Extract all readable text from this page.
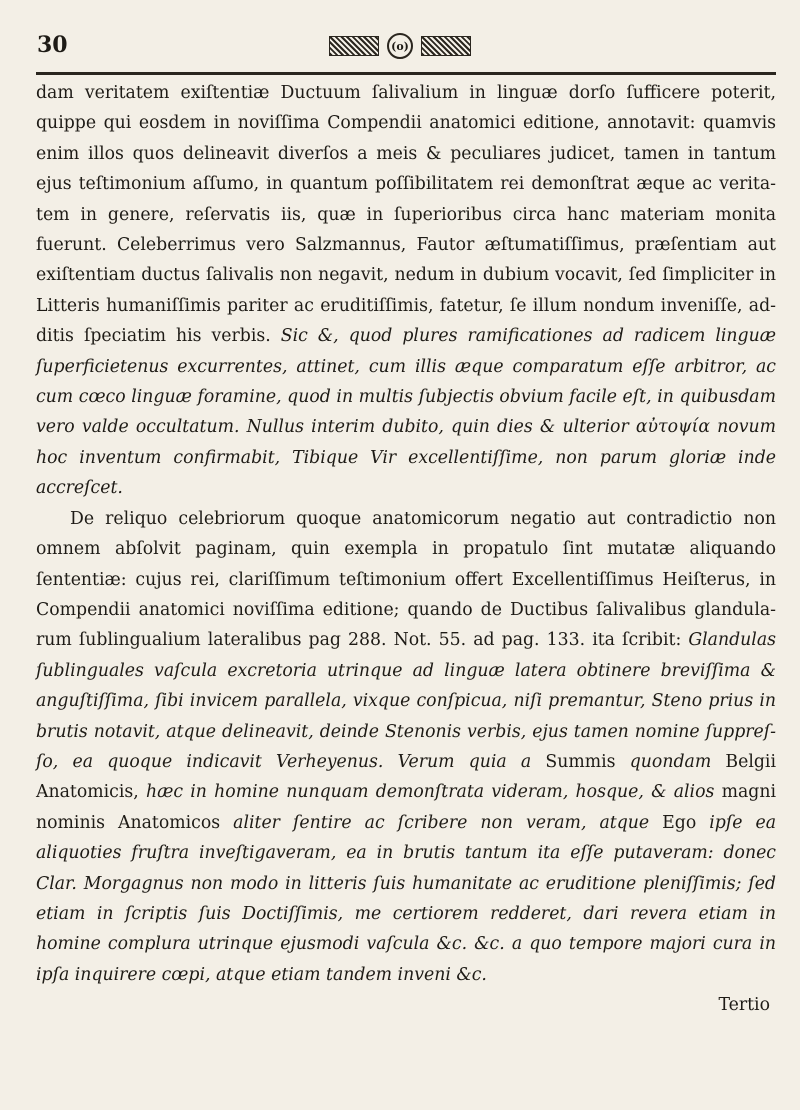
30	(o)

dam veritatem exiſtentiæ Ductuum ſalivalium in linguæ dorſo ſufficere poterit, quippe qui eosdem in noviſſima Compendii anatomici editione, annotavit: quamvis enim illos quos delineavit diverſos a meis & peculiares judicet, tamen in tantum ejus teſtimonium aſſumo, in quantum poſſibilitatem rei demonſtrat æque ac veritatem in genere, reſervatis iis, quæ in ſuperioribus circa hanc materiam monita fuerunt. Celeberrimus vero Salzmannus, Fautor æſtumatiſſimus, præſentiam aut exiſtentiam ductus ſalivalis non negavit, nedum in dubium vocavit, ſed ſimpliciter in Litteris humaniſſimis pariter ac eruditiſſimis, fatetur, ſe illum nondum inveniſſe, additis ſpeciatim his verbis. Sic &, quod plures ramificationes ad radicem linguæ ſuperficietenus excurrentes, attinet, cum illis æque comparatum eſſe arbitror, ac cum cœco linguæ foramine, quod in multis ſubjectis obvium facile eſt, in quibusdam vero valde occultatum. Nullus interim dubito, quin dies & ulterior αὐτοψία novum hoc inventum confirmabit, Tibique Vir excellentiſſime, non parum gloriæ inde accreſcet.

De reliquo celebriorum quoque anatomicorum negatio aut contradictio non omnem abſolvit paginam, quin exempla in propatulo ſint mutatæ aliquando ſententiæ: cujus rei, clariſſimum teſtimonium offert Excellentiſſimus Heiſterus, in Compendii anatomici noviſſima editione; quando de Ductibus ſalivalibus glandularum ſublingualium lateralibus pag 288. Not. 55. ad pag. 133. ita ſcribit: Glandulas ſublinguales vaſcula excretoria utrinque ad linguæ latera obtinere breviſſima & anguſtiſſima, ſibi invicem parallela, vixque conſpicua, niſi premantur, Steno prius in brutis notavit, atque delineavit, deinde Stenonis verbis, ejus tamen nomine ſuppreſſo, ea quoque indicavit Verheyenus. Verum quia a Summis quondam Belgii Anatomicis, hæc in homine nunquam demonſtrata videram, hosque, & alios magni nominis Anatomicos aliter ſentire ac ſcribere non veram, atque Ego ipſe ea aliquoties fruſtra inveſtigaveram, ea in brutis tantum ita eſſe putaveram: donec Clar. Morgagnus non modo in litteris ſuis humanitate ac eruditione pleniſſimis; ſed etiam in ſcriptis ſuis Doctiſſimis, me certiorem redderet, dari revera etiam in homine complura utrinque ejusmodi vaſcula &c. &c. a quo tempore majori cura in ipſa inquirere cœpi, atque etiam tandem inveni &c.

Tertio
